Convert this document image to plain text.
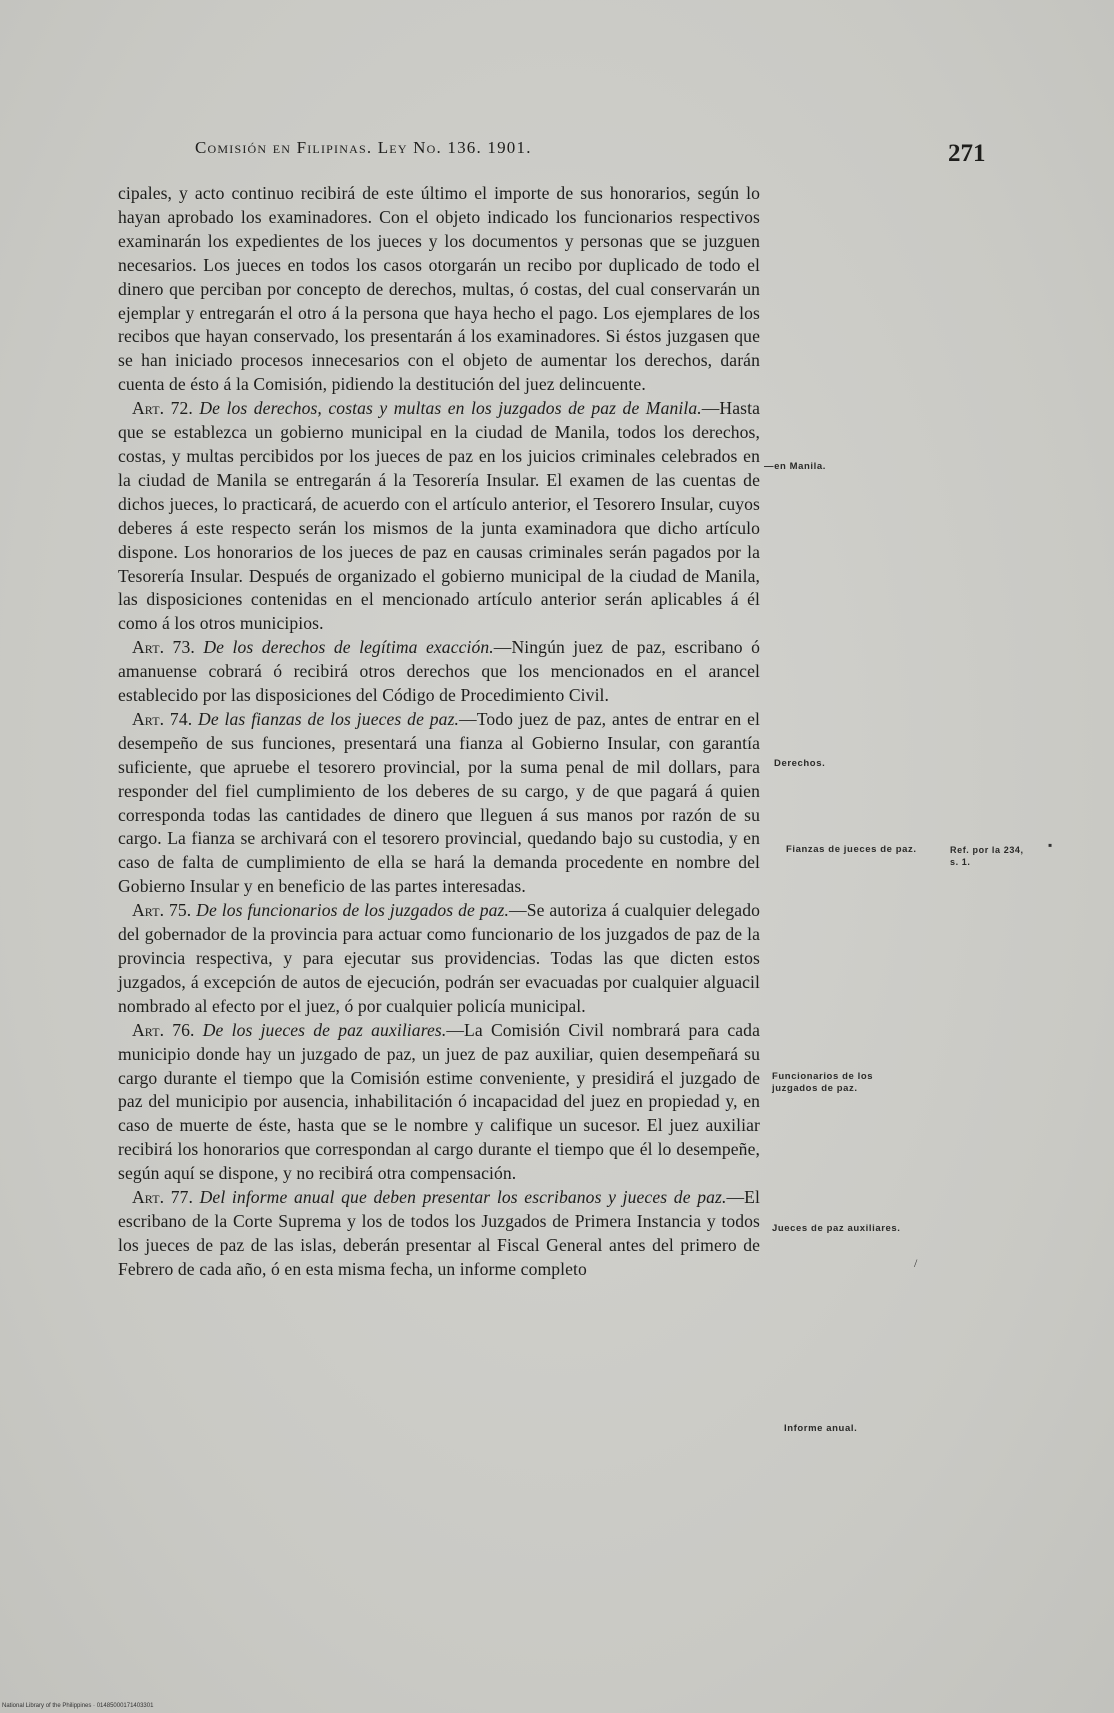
Comisión en Filipinas. Ley No. 136. 1901.	271

cipales, y acto continuo recibirá de este último el importe de sus honorarios, según lo hayan aprobado los examinadores. Con el objeto indicado los funcionarios respectivos examinarán los expedientes de los jueces y los documentos y personas que se juzguen necesarios. Los jueces en todos los casos otorgarán un recibo por duplicado de todo el dinero que perciban por concepto de derechos, multas, ó costas, del cual conservarán un ejemplar y entregarán el otro á la persona que haya hecho el pago. Los ejemplares de los recibos que hayan conservado, los presentarán á los examinadores. Si éstos juzgasen que se han iniciado procesos innecesarios con el objeto de aumentar los derechos, darán cuenta de ésto á la Comisión, pidiendo la destitución del juez delincuente.

Art. 72. De los derechos, costas y multas en los juzgados de paz de Manila.—Hasta que se establezca un gobierno municipal en la ciudad de Manila, todos los derechos, costas, y multas percibidos por los jueces de paz en los juicios criminales celebrados en la ciudad de Manila se entregarán á la Tesorería Insular. El examen de las cuentas de dichos jueces, lo practicará, de acuerdo con el artículo anterior, el Tesorero Insular, cuyos deberes á este respecto serán los mismos de la junta examinadora que dicho artículo dispone. Los honorarios de los jueces de paz en causas criminales serán pagados por la Tesorería Insular. Después de organizado el gobierno municipal de la ciudad de Manila, las disposiciones contenidas en el mencionado artículo anterior serán aplicables á él como á los otros municipios.

Art. 73. De los derechos de legítima exacción.—Ningún juez de paz, escribano ó amanuense cobrará ó recibirá otros derechos que los mencionados en el arancel establecido por las disposiciones del Código de Procedimiento Civil.

Art. 74. De las fianzas de los jueces de paz.—Todo juez de paz, antes de entrar en el desempeño de sus funciones, presentará una fianza al Gobierno Insular, con garantía suficiente, que apruebe el tesorero provincial, por la suma penal de mil dollars, para responder del fiel cumplimiento de los deberes de su cargo, y de que pagará á quien corresponda todas las cantidades de dinero que lleguen á sus manos por razón de su cargo. La fianza se archivará con el tesorero provincial, quedando bajo su custodia, y en caso de falta de cumplimiento de ella se hará la demanda procedente en nombre del Gobierno Insular y en beneficio de las partes interesadas.

Art. 75. De los funcionarios de los juzgados de paz.—Se autoriza á cualquier delegado del gobernador de la provincia para actuar como funcionario de los juzgados de paz de la provincia respectiva, y para ejecutar sus providencias. Todas las que dicten estos juzgados, á excepción de autos de ejecución, podrán ser evacuadas por cualquier alguacil nombrado al efecto por el juez, ó por cualquier policía municipal.

Art. 76. De los jueces de paz auxiliares.—La Comisión Civil nombrará para cada municipio donde hay un juzgado de paz, un juez de paz auxiliar, quien desempeñará su cargo durante el tiempo que la Comisión estime conveniente, y presidirá el juzgado de paz del municipio por ausencia, inhabilitación ó incapacidad del juez en propiedad y, en caso de muerte de éste, hasta que se le nombre y califique un sucesor. El juez auxiliar recibirá los honorarios que correspondan al cargo durante el tiempo que él lo desempeñe, según aquí se dispone, y no recibirá otra compensación.

Art. 77. Del informe anual que deben presentar los escribanos y jueces de paz.—El escribano de la Corte Suprema y los de todos los Juzgados de Primera Instancia y todos los jueces de paz de las islas, deberán presentar al Fiscal General antes del primero de Febrero de cada año, ó en esta misma fecha, un informe completo

—en Manila.
Derechos.
Fianzas de jueces de paz.	Ref. por la 234, s. 1.
Funcionarios de los juzgados de paz.
Jueces de paz auxiliares.
Informe anual.
▪
/
National Library of the Philippines · 01485000171403301
